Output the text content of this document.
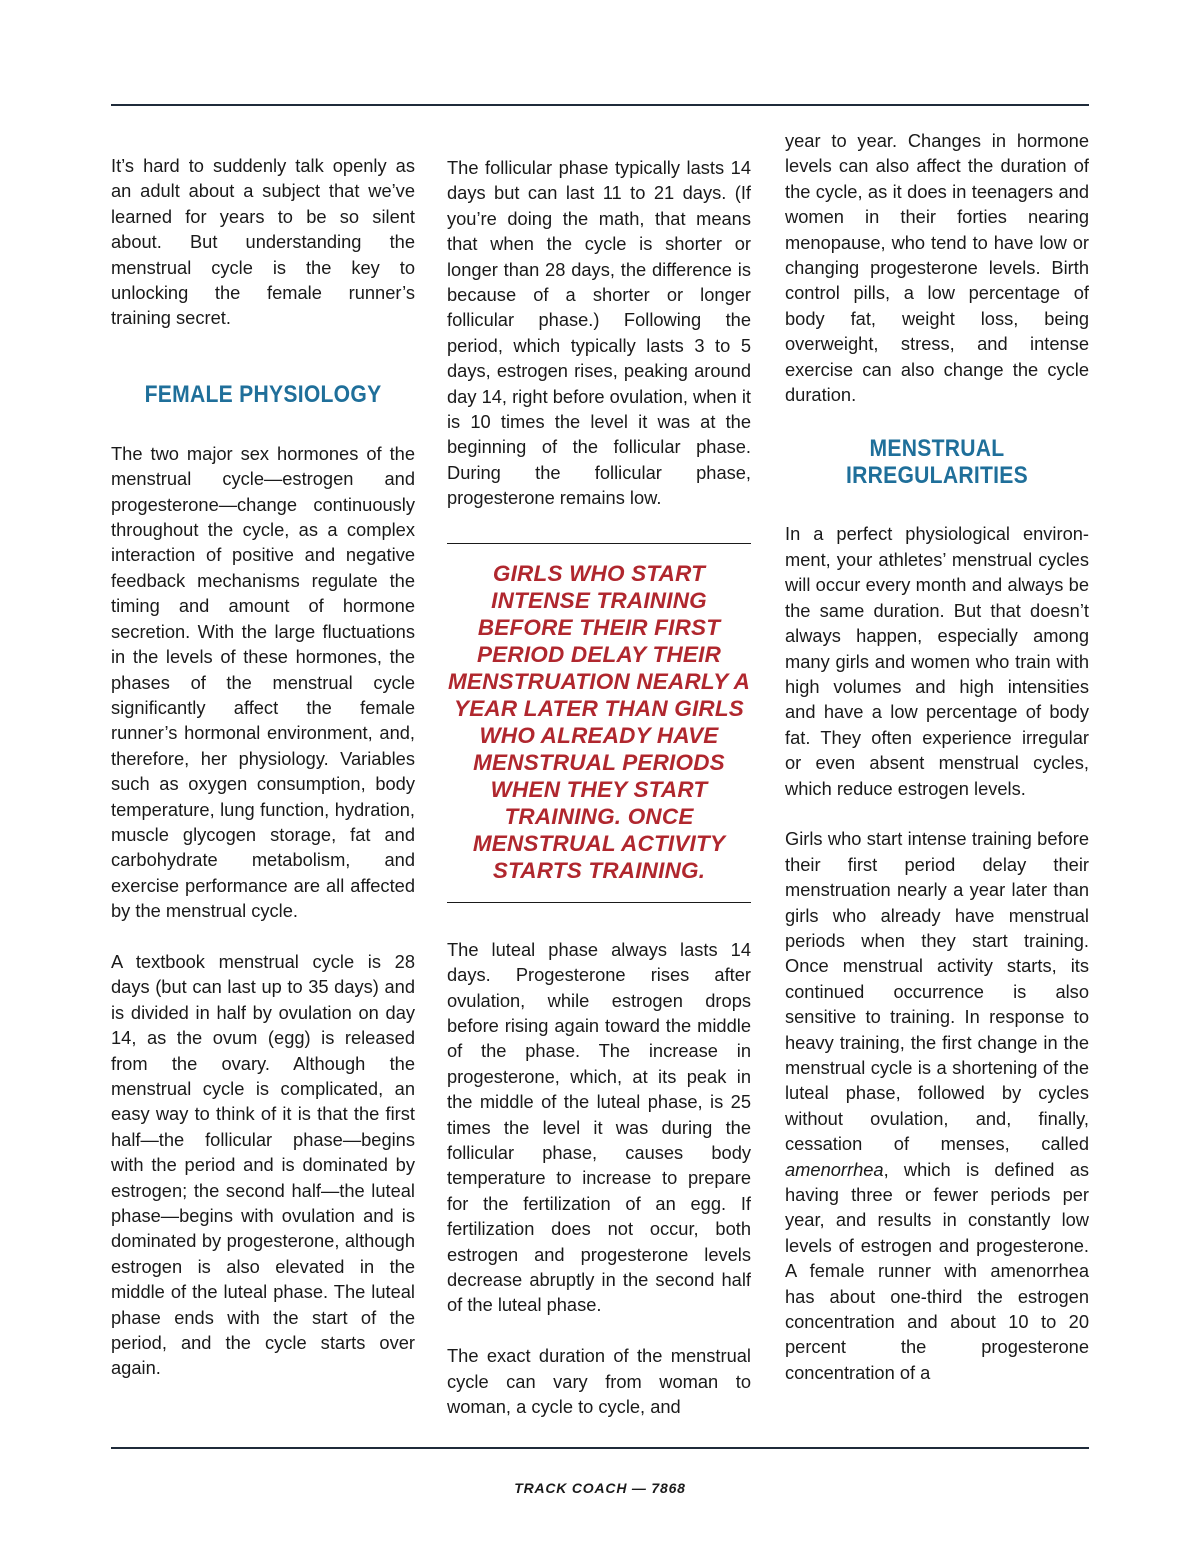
It’s hard to suddenly talk openly as an adult about a subject that we’ve learned for years to be so silent about. But understanding the menstrual cycle is the key to unlocking the female runner’s training secret.

FEMALE PHYSIOLOGY

The two major sex hormones of the menstrual cycle—estrogen and progesterone—change continuously throughout the cycle, as a complex interaction of positive and negative feedback mechanisms regulate the timing and amount of hormone secretion. With the large fluctuations in the levels of these hormones, the phases of the menstrual cycle significantly affect the female runner’s hormonal environment, and, therefore, her physiology. Variables such as oxygen consumption, body temperature, lung function, hydration, muscle glycogen storage, fat and carbohydrate metabolism, and exercise performance are all affected by the menstrual cycle.

A textbook menstrual cycle is 28 days (but can last up to 35 days) and is divided in half by ovulation on day 14, as the ovum (egg) is released from the ovary. Although the menstrual cycle is complicated, an easy way to think of it is that the first half—the follicular phase—begins with the period and is dominated by estrogen; the second half—the luteal phase—begins with ovulation and is dominated by progesterone, although estrogen is also elevated in the middle of the luteal phase. The luteal phase ends with the start of the period, and the cycle starts over again.

The follicular phase typically lasts 14 days but can last 11 to 21 days. (If you’re doing the math, that means that when the cycle is shorter or longer than 28 days, the difference is because of a shorter or longer follicular phase.) Following the period, which typically lasts 3 to 5 days, estrogen rises, peaking around day 14, right before ovulation, when it is 10 times the level it was at the beginning of the follicular phase. During the follicular phase, progesterone remains low.

GIRLS WHO START INTENSE TRAINING BEFORE THEIR FIRST PERIOD DELAY THEIR MENSTRUATION NEARLY A YEAR LATER THAN GIRLS WHO ALREADY HAVE MENSTRUAL PERIODS WHEN THEY START TRAINING. ONCE MENSTRUAL ACTIVITY STARTS TRAINING.

The luteal phase always lasts 14 days. Progesterone rises after ovulation, while estrogen drops before rising again toward the middle of the phase. The increase in progesterone, which, at its peak in the middle of the luteal phase, is 25 times the level it was during the follicular phase, causes body temperature to increase to prepare for the fertilization of an egg. If fertilization does not occur, both estrogen and progesterone levels decrease abruptly in the second half of the luteal phase.

The exact duration of the menstrual cycle can vary from woman to woman, a cycle to cycle, and

year to year. Changes in hormone levels can also affect the duration of the cycle, as it does in teenagers and women in their forties nearing menopause, who tend to have low or changing progesterone levels. Birth control pills, a low percentage of body fat, weight loss, being overweight, stress, and intense exercise can also change the cycle duration.

MENSTRUAL
IRREGULARITIES

In a perfect physiological environment, your athletes’ menstrual cycles will occur every month and always be the same duration. But that doesn’t always happen, especially among many girls and women who train with high volumes and high intensities and have a low percentage of body fat. They often experience irregular or even absent menstrual cycles, which reduce estrogen levels.

Girls who start intense training before their first period delay their menstruation nearly a year later than girls who already have menstrual periods when they start training. Once menstrual activity starts, its continued occurrence is also sensitive to training. In response to heavy training, the first change in the menstrual cycle is a shortening of the luteal phase, followed by cycles without ovulation, and, finally, cessation of menses, called amenorrhea, which is defined as having three or fewer periods per year, and results in constantly low levels of estrogen and progesterone. A female runner with amenorrhea has about one-third the estrogen concentration and about 10 to 20 percent the progesterone concentration of a

TRACK COACH — 7868
